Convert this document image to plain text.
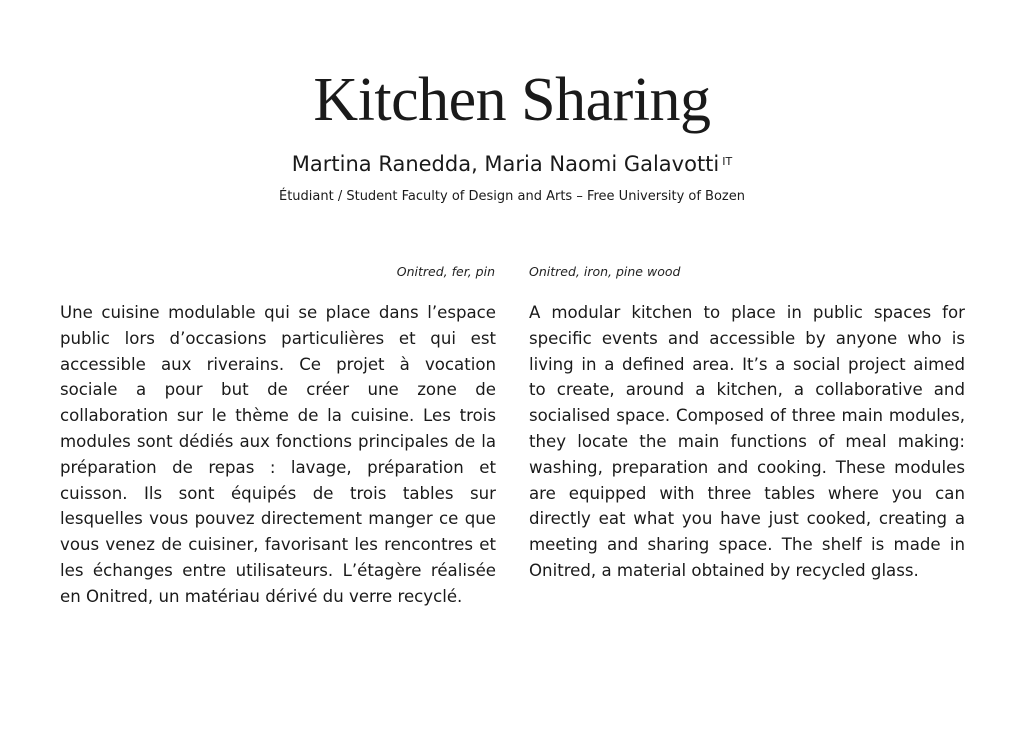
Kitchen Sharing
Martina Ranedda, Maria Naomi Galavotti $^{IT}$
Étudiant / Student Faculty of Design and Arts – Free University of Bozen
Onitred, fer, pin	Onitred, iron, pine wood

Une cuisine modulable qui se place dans l’espace public lors d’occasions particulières et qui est accessible aux riverains. Ce projet à vocation sociale a pour but de créer une zone de collaboration sur le thème de la cuisine. Les trois modules sont dédiés aux fonctions principales de la préparation de repas : lavage, préparation et cuisson. Ils sont équipés de trois tables sur lesquelles vous pouvez directement manger ce que vous venez de cuisiner, favorisant les rencontres et les échanges entre utilisateurs. L’étagère réalisée en Onitred, un matériau dérivé du verre recyclé.

A modular kitchen to place in public spaces for specific events and accessible by anyone who is living in a defined area. It’s a social project aimed to create, around a kitchen, a collaborative and socialised space. Composed of three main modules, they locate the main functions of meal making: washing, preparation and cooking. These modules are equipped with three tables where you can directly eat what you have just cooked, creating a meeting and sharing space. The shelf is made in Onitred, a material obtained by recycled glass.
